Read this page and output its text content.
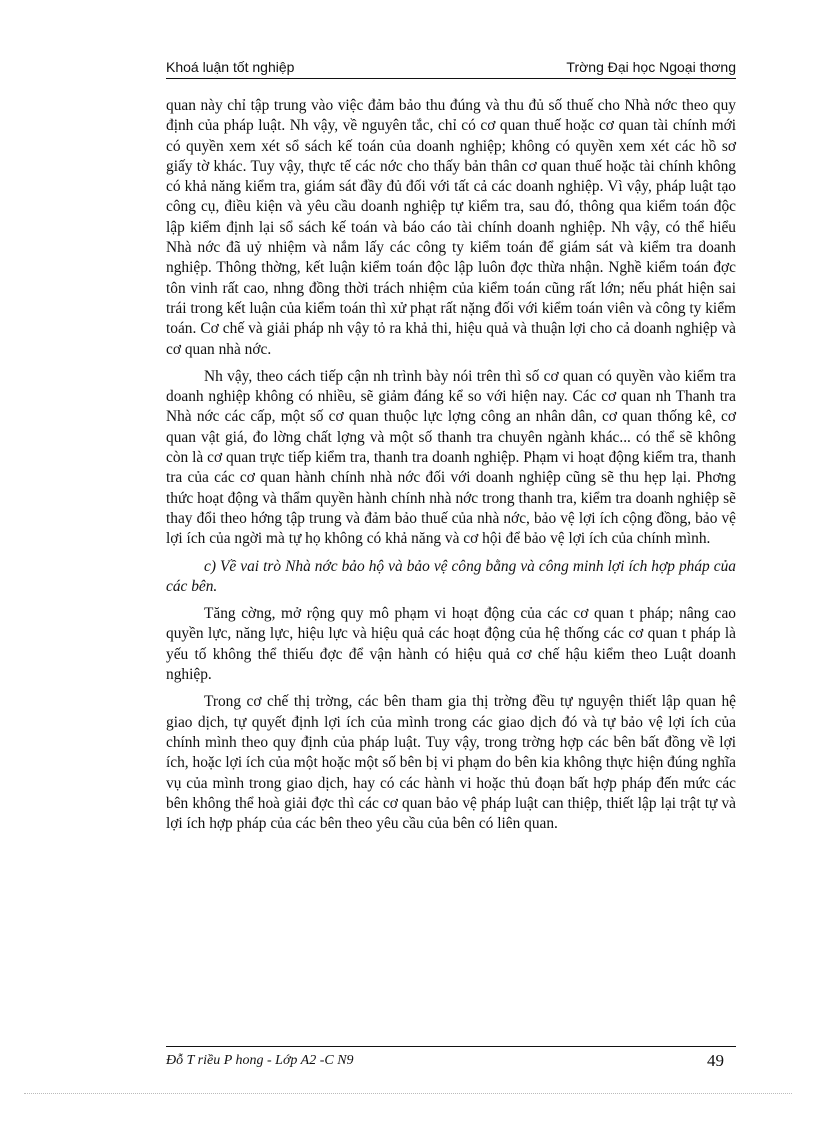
Khoá luận tốt nghiệp	Trờng Đại học Ngoại thơng

quan này chỉ tập trung vào việc đảm bảo thu đúng và thu đủ số thuế cho Nhà nớc theo quy định của pháp luật. Nh vậy, về nguyên tắc, chỉ có cơ quan thuế hoặc cơ quan tài chính mới có quyền xem xét sổ sách kế toán của doanh nghiệp; không có quyền xem xét các hồ sơ giấy tờ khác. Tuy vậy, thực tế các nớc cho thấy bản thân cơ quan thuế hoặc tài chính không có khả năng kiểm tra, giám sát đầy đủ đối với tất cả các doanh nghiệp. Vì vậy, pháp luật tạo công cụ, điều kiện và yêu cầu doanh nghiệp tự kiểm tra, sau đó, thông qua kiểm toán độc lập kiểm định lại sổ sách kế toán và báo cáo tài chính doanh nghiệp. Nh vậy, có thể hiểu Nhà nớc đã uỷ nhiệm và nắm lấy các công ty kiểm toán để giám sát và kiểm tra doanh nghiệp. Thông thờng, kết luận kiểm toán độc lập luôn đợc thừa nhận. Nghề kiểm toán đợc tôn vinh rất cao, nhng đồng thời trách nhiệm của kiểm toán cũng rất lớn; nếu phát hiện sai trái trong kết luận của kiểm toán thì xử phạt rất nặng đối với kiểm toán viên và công ty kiểm toán. Cơ chế và giải pháp nh vậy tỏ ra khả thi, hiệu quả và thuận lợi cho cả doanh nghiệp và cơ quan nhà nớc.

Nh vậy, theo cách tiếp cận nh trình bày nói trên thì số cơ quan có quyền vào kiểm tra doanh nghiệp không có nhiều, sẽ giảm đáng kể so với hiện nay. Các cơ quan nh Thanh tra Nhà nớc các cấp, một số cơ quan thuộc lực lợng công an nhân dân, cơ quan thống kê, cơ quan vật giá, đo lờng chất lợng và một số thanh tra chuyên ngành khác... có thể sẽ không còn là cơ quan trực tiếp kiểm tra, thanh tra doanh nghiệp. Phạm vi hoạt động kiểm tra, thanh tra của các cơ quan hành chính nhà nớc đối với doanh nghiệp cũng sẽ thu hẹp lại. Phơng thức hoạt động và thẩm quyền hành chính nhà nớc trong thanh tra, kiểm tra doanh nghiệp sẽ thay đổi theo hớng tập trung và đảm bảo thuế của nhà nớc, bảo vệ lợi ích cộng đồng, bảo vệ lợi ích của ngời mà tự họ không có khả năng và cơ hội để bảo vệ lợi ích của chính mình.

c) Về vai trò Nhà nớc bảo hộ và bảo vệ công bằng và công minh lợi ích hợp pháp của các bên.

Tăng cờng, mở rộng quy mô phạm vi hoạt động của các cơ quan t pháp; nâng cao quyền lực, năng lực, hiệu lực và hiệu quả các hoạt động của hệ thống các cơ quan t pháp là yếu tố không thể thiếu đợc để vận hành có hiệu quả cơ chế hậu kiểm theo Luật doanh nghiệp.

Trong cơ chế thị trờng, các bên tham gia thị trờng đều tự nguyện thiết lập quan hệ giao dịch, tự quyết định lợi ích của mình trong các giao dịch đó và tự bảo vệ lợi ích của chính mình theo quy định của pháp luật. Tuy vậy, trong trờng hợp các bên bất đồng về lợi ích, hoặc lợi ích của một hoặc một số bên bị vi phạm do bên kia không thực hiện đúng nghĩa vụ của mình trong giao dịch, hay có các hành vi hoặc thủ đoạn bất hợp pháp đến mức các bên không thể hoà giải đợc thì các cơ quan bảo vệ pháp luật can thiệp, thiết lập lại trật tự và lợi ích hợp pháp của các bên theo yêu cầu của bên có liên quan.

Đỗ T riều P hong - Lớp A2 -C N9	49
